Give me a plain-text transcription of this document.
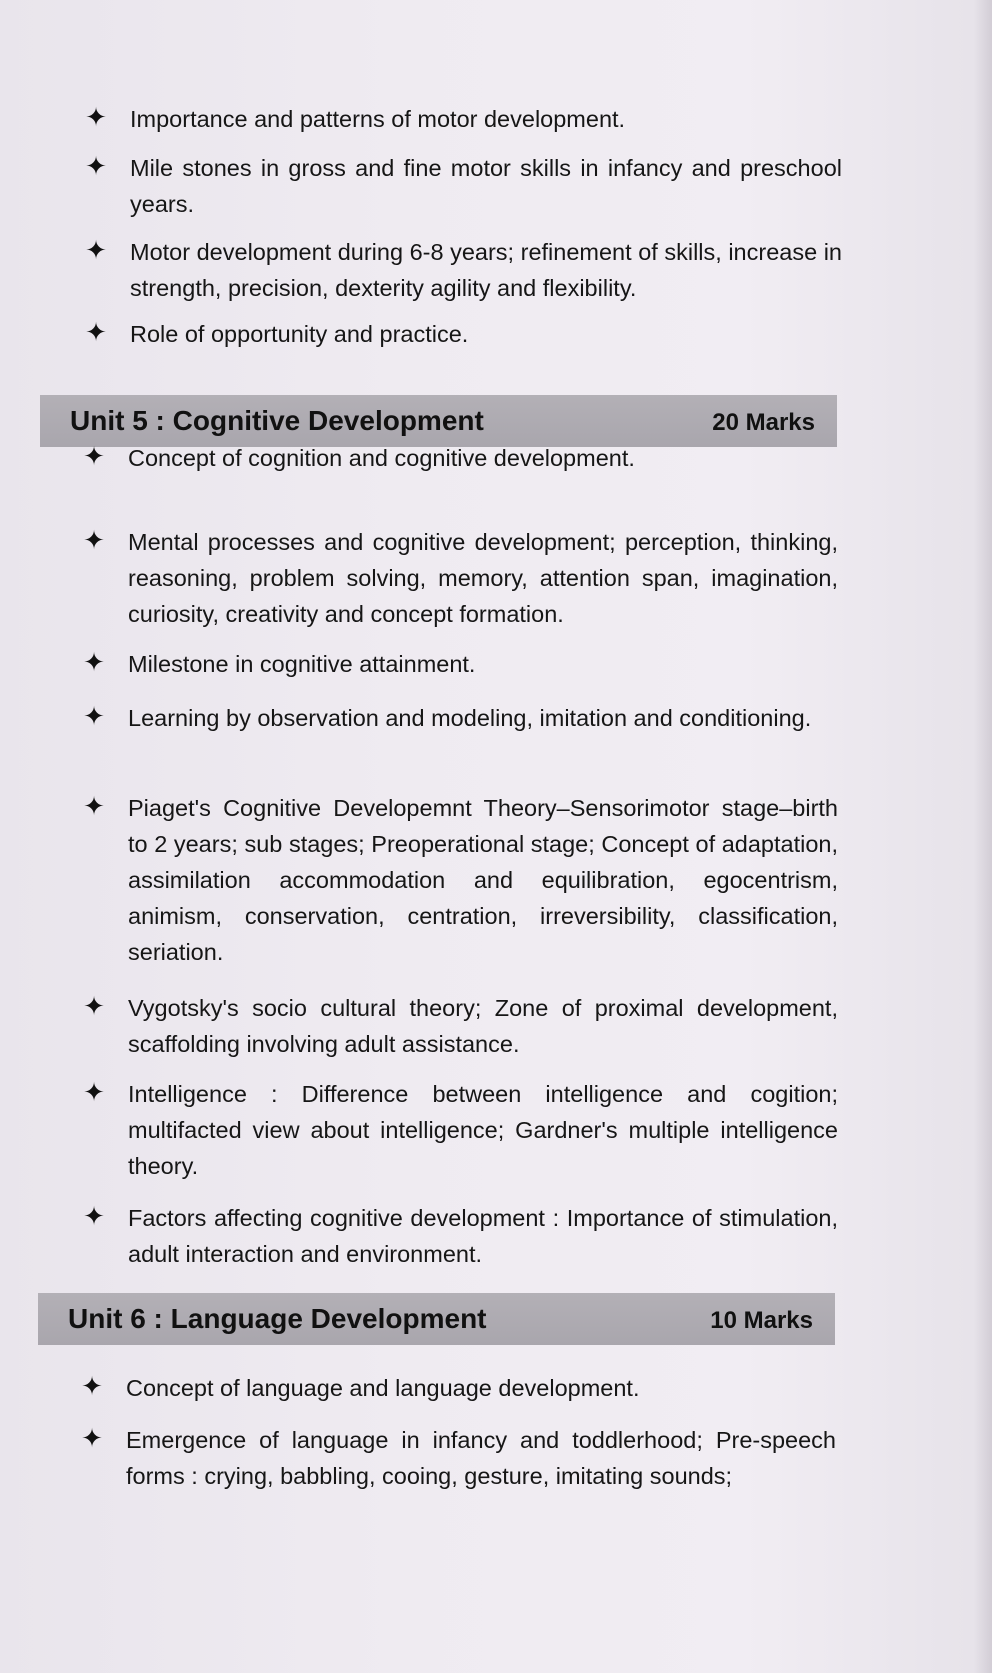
✦ Importance and patterns of motor development.
✦ Mile stones in gross and fine motor skills in infancy and preschool years.
✦ Motor development during 6-8 years; refinement of skills, increase in strength, precision, dexterity agility and flexibility.
✦ Role of opportunity and practice.
Unit 5 : Cognitive Development	20 Marks
✦ Concept of cognition and cognitive development.
✦ Mental processes and cognitive development; perception, thinking, reasoning, problem solving, memory, attention span, imagination, curiosity, creativity and concept formation.
✦ Milestone in cognitive attainment.
✦ Learning by observation and modeling, imitation and conditioning.
✦ Piaget's Cognitive Developemnt Theory–Sensorimotor stage–birth to 2 years; sub stages; Preoperational stage; Concept of adaptation, assimilation accommodation and equilibration, egocentrism, animism, conservation, centration, irreversibility, classification, seriation.
✦ Vygotsky's socio cultural theory; Zone of proximal development, scaffolding involving adult assistance.
✦ Intelligence : Difference between intelligence and cogition; multifacted view about intelligence; Gardner's multiple intelligence theory.
✦ Factors affecting cognitive development : Importance of stimulation, adult interaction and environment.
Unit 6 : Language Development	10 Marks
✦ Concept of language and language development.
✦ Emergence of language in infancy and toddlerhood; Pre-speech forms : crying, babbling, cooing, gesture, imitating sounds;
